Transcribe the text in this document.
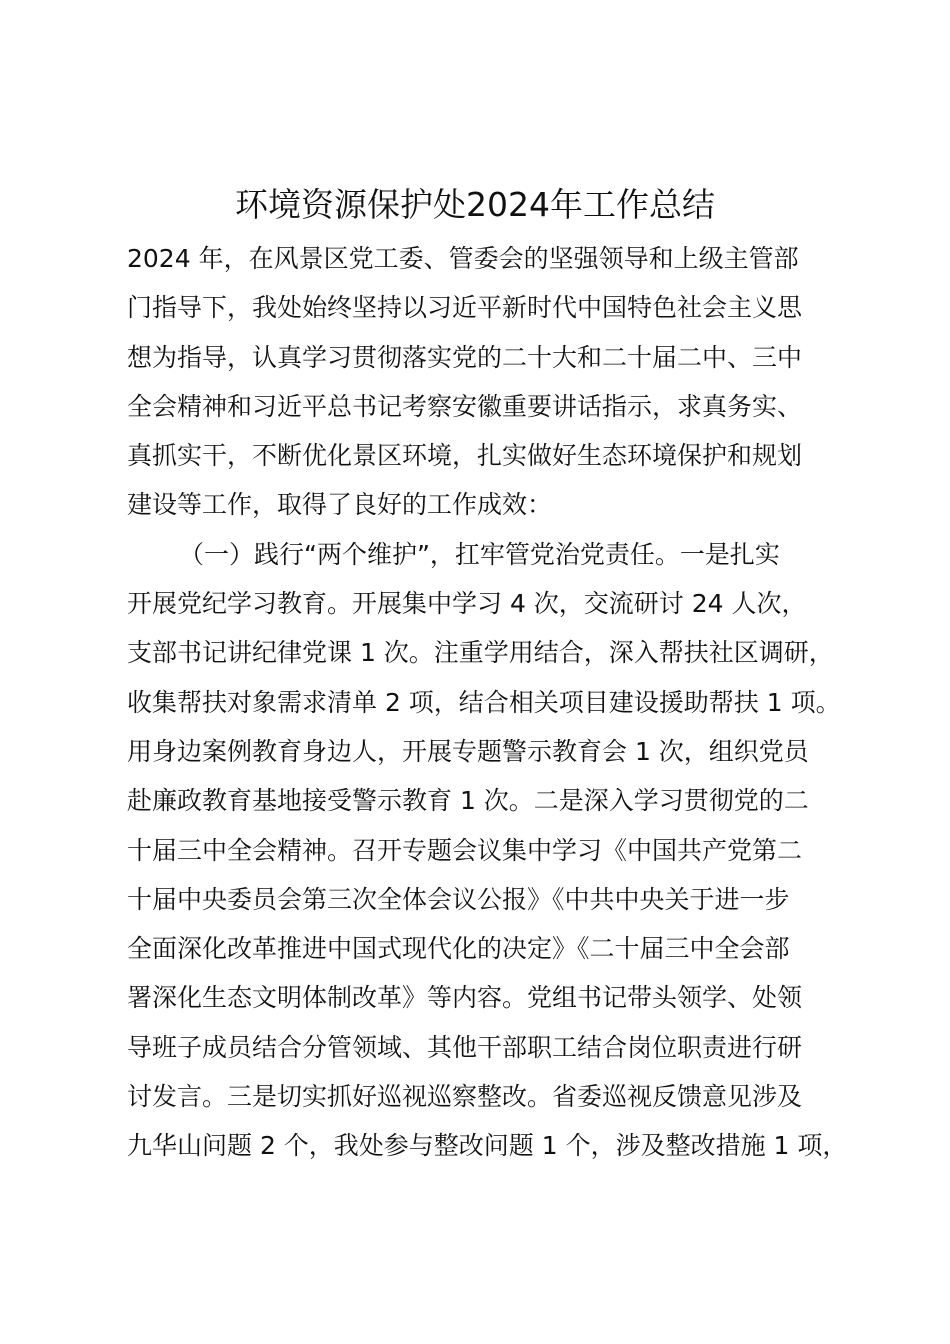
环境资源保护处2024年工作总结
2024 年，在风景区党工委、管委会的坚强领导和上级主管部
门指导下，我处始终坚持以习近平新时代中国特色社会主义思
想为指导，认真学习贯彻落实党的二十大和二十届二中、三中
全会精神和习近平总书记考察安徽重要讲话指示，求真务实、
真抓实干，不断优化景区环境，扎实做好生态环境保护和规划
建设等工作，取得了良好的工作成效：
（一）践行“两个维护”，扛牢管党治党责任。一是扎实
开展党纪学习教育。开展集中学习 4 次，交流研讨 24 人次，
支部书记讲纪律党课 1 次。注重学用结合，深入帮扶社区调研，
收集帮扶对象需求清单 2 项，结合相关项目建设援助帮扶 1 项。
用身边案例教育身边人，开展专题警示教育会 1 次，组织党员
赴廉政教育基地接受警示教育 1 次。二是深入学习贯彻党的二
十届三中全会精神。召开专题会议集中学习《中国共产党第二
十届中央委员会第三次全体会议公报》《中共中央关于进一步
全面深化改革推进中国式现代化的决定》《二十届三中全会部
署深化生态文明体制改革》等内容。党组书记带头领学、处领
导班子成员结合分管领域、其他干部职工结合岗位职责进行研
讨发言。三是切实抓好巡视巡察整改。省委巡视反馈意见涉及
九华山问题 2 个，我处参与整改问题 1 个，涉及整改措施 1 项，
